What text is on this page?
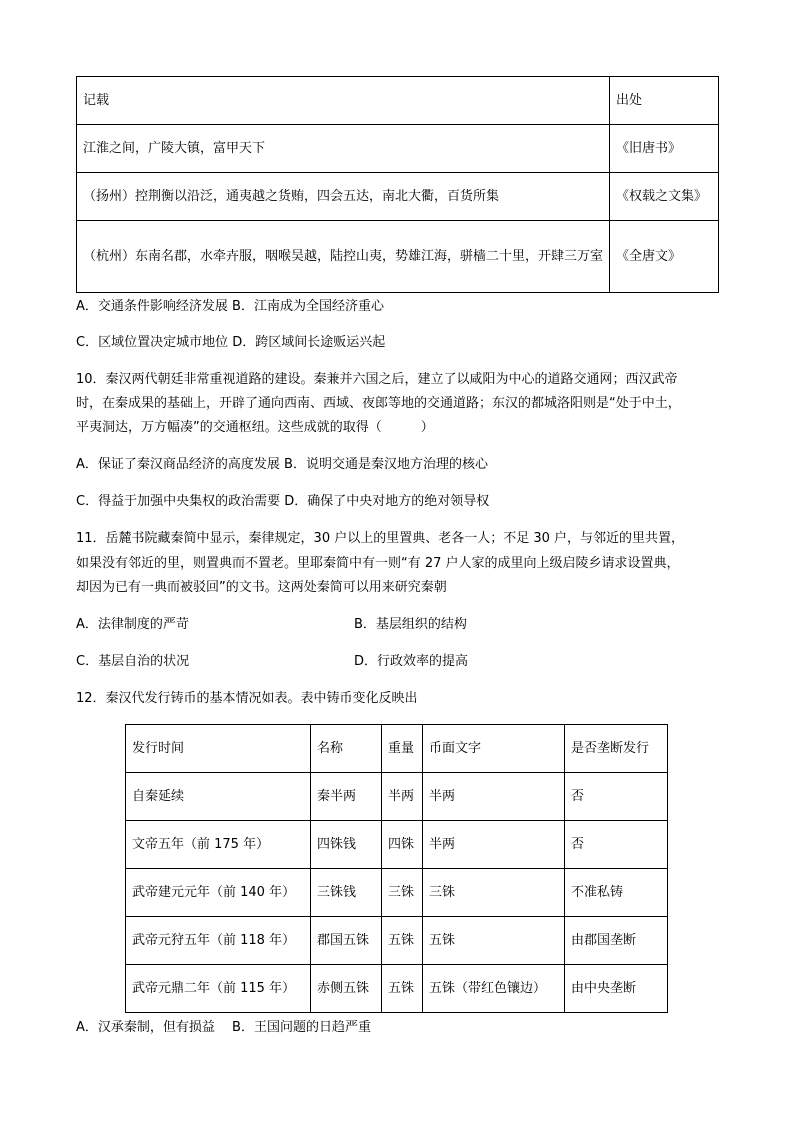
记载	出处
江淮之间，广陵大镇，富甲天下	《旧唐书》
（扬州）控荆衡以沿泛，通夷越之货贿，四会五达，南北大衢，百货所集	《权载之文集》
（杭州）东南名郡，水牵卉服，咽喉吴越，陆控山夷，势雄江海，骈樯二十里，开肆三万室	《全唐文》
A．交通条件影响经济发展 B．江南成为全国经济重心
C．区域位置决定城市地位 D．跨区域间长途贩运兴起
10．秦汉两代朝廷非常重视道路的建设。秦兼并六国之后，建立了以咸阳为中心的道路交通网；西汉武帝
时，在秦成果的基础上，开辟了通向西南、西域、夜郎等地的交通道路；东汉的都城洛阳则是“处于中土，
平夷洞达，万方幅凑”的交通枢纽。这些成就的取得（　　　）
A．保证了秦汉商品经济的高度发展 B．说明交通是秦汉地方治理的核心
C．得益于加强中央集权的政治需要 D．确保了中央对地方的绝对领导权
11．岳麓书院藏秦简中显示，秦律规定，30 户以上的里置典、老各一人；不足 30 户，与邻近的里共置，
如果没有邻近的里，则置典而不置老。里耶秦简中有一则“有 27 户人家的成里向上级启陵乡请求设置典，
却因为已有一典而被驳回”的文书。这两处秦简可以用来研究秦朝
A．法律制度的严苛	B．基层组织的结构
C．基层自治的状况	D．行政效率的提高
12．秦汉代发行铸币的基本情况如表。表中铸币变化反映出
发行时间	名称	重量	币面文字	是否垄断发行
自秦延续	秦半两	半两	半两	否
文帝五年（前 175 年）	四铢钱	四铢	半两	否
武帝建元元年（前 140 年）	三铢钱	三铢	三铢	不准私铸
武帝元狩五年（前 118 年）	郡国五铢	五铢	五铢	由郡国垄断
武帝元鼎二年（前 115 年）	赤侧五铢	五铢	五铢（带红色镶边）	由中央垄断
A．汉承秦制，但有损益　 B．王国问题的日趋严重
